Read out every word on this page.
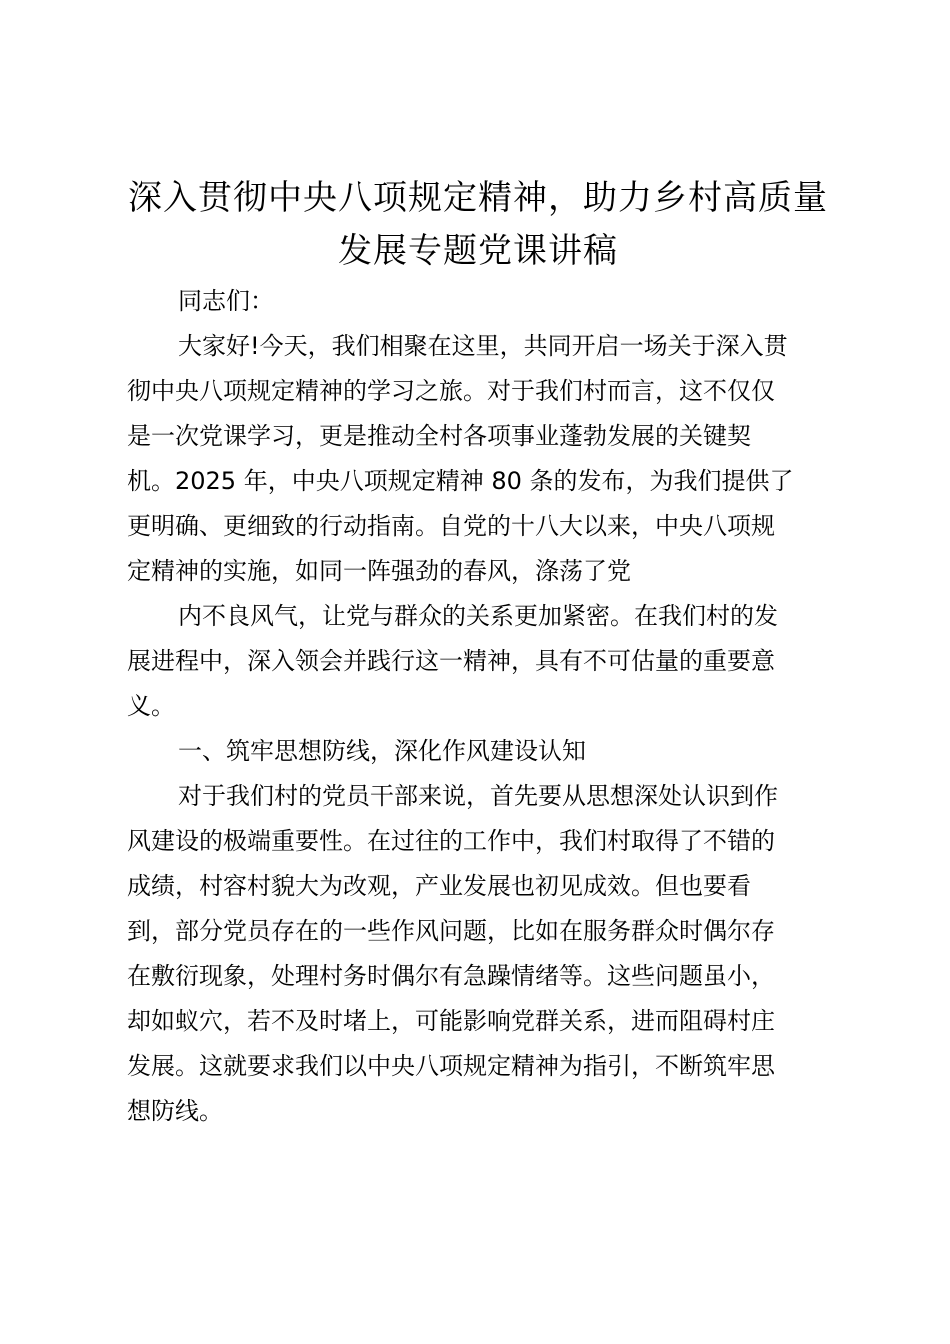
深入贯彻中央八项规定精神，助力乡村高质量
发展专题党课讲稿
同志们：
大家好!今天，我们相聚在这里，共同开启一场关于深入贯
彻中央八项规定精神的学习之旅。对于我们村而言，这不仅仅
是一次党课学习，更是推动全村各项事业蓬勃发展的关键契
机。2025 年，中央八项规定精神 80 条的发布，为我们提供了
更明确、更细致的行动指南。自党的十八大以来，中央八项规
定精神的实施，如同一阵强劲的春风，涤荡了党
内不良风气，让党与群众的关系更加紧密。在我们村的发
展进程中，深入领会并践行这一精神，具有不可估量的重要意
义。
一、筑牢思想防线，深化作风建设认知
对于我们村的党员干部来说，首先要从思想深处认识到作
风建设的极端重要性。在过往的工作中，我们村取得了不错的
成绩，村容村貌大为改观，产业发展也初见成效。但也要看
到，部分党员存在的一些作风问题，比如在服务群众时偶尔存
在敷衍现象，处理村务时偶尔有急躁情绪等。这些问题虽小，
却如蚁穴，若不及时堵上，可能影响党群关系，进而阻碍村庄
发展。这就要求我们以中央八项规定精神为指引，不断筑牢思
想防线。
